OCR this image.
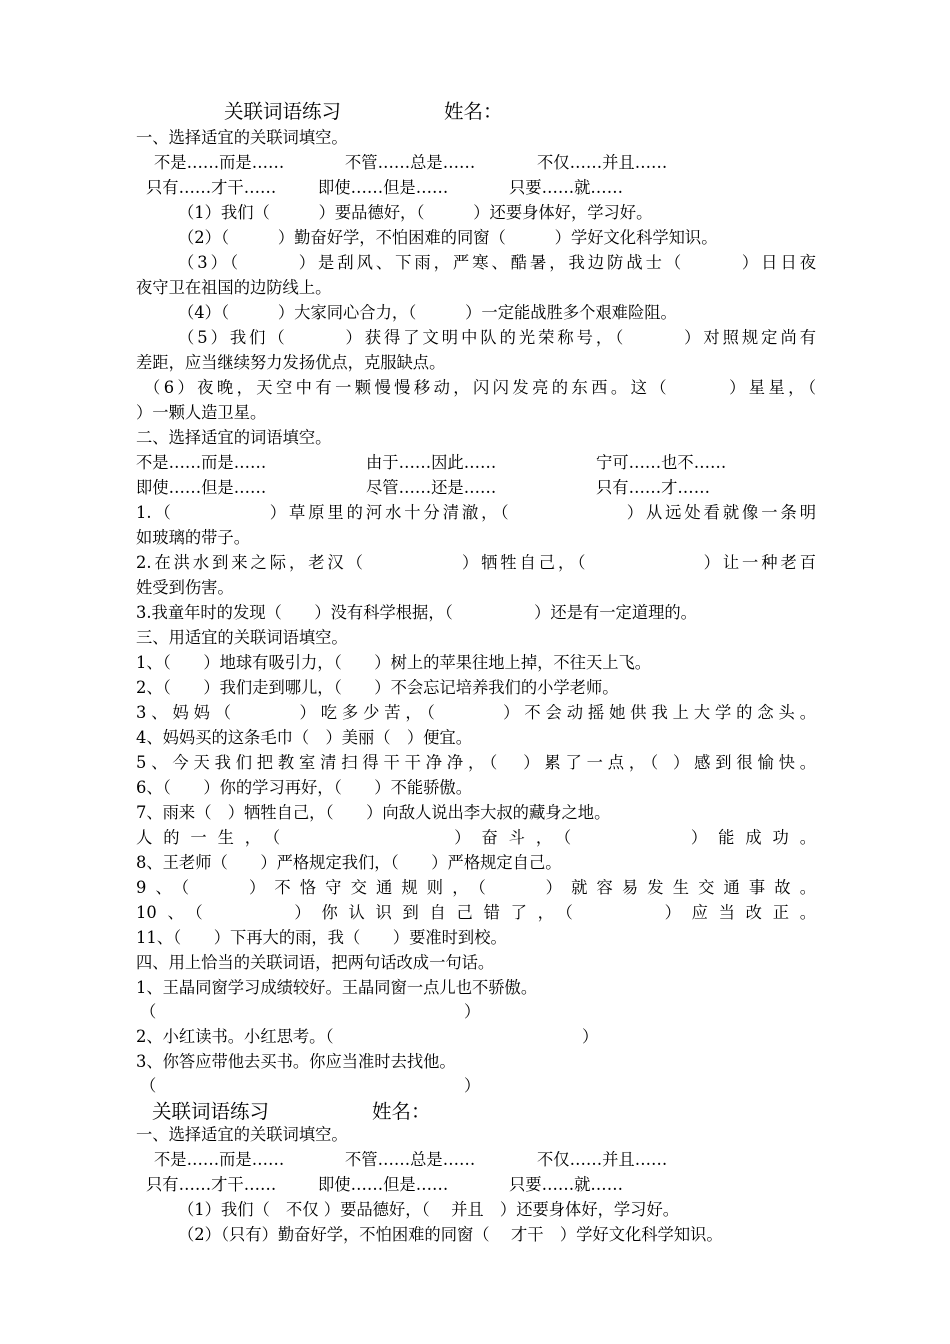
关联词语练习	姓名：
一、选择适宜的关联词填空。
不是……而是……	不管……总是……	不仅……并且……
只有……才干……	即使……但是……	只要……就……
（1）我们（　　　）要品德好，（　　　）还要身体好，学习好。
（2）（　　　）勤奋好学，不怕困难的同窗（　　　）学好文化科学知识。
（3）（　　　）是刮风、下雨，严寒、酷暑，我边防战士（　　　）日日夜
夜守卫在祖国的边防线上。
（4）（　　　）大家同心合力，（　　　）一定能战胜多个艰难险阻。
（5）我们（　　　）获得了文明中队的光荣称号，（　　　）对照规定尚有
差距，应当继续努力发扬优点，克服缺点。
（6）夜晚，天空中有一颗慢慢移动，闪闪发亮的东西。这（　　　）星星，（
）一颗人造卫星。
二、选择适宜的词语填空。
不是……而是……	由于……因此……	宁可……也不……
即使……但是……	尽管……还是……	只有……才……
1.（　　　　　）草原里的河水十分清澈，（　　　　　　）从远处看就像一条明
如玻璃的带子。
2.在洪水到来之际，老汉（　　　　　）牺牲自己，（　　　　　　）让一种老百
姓受到伤害。
3.我童年时的发现（　　）没有科学根据，（　　　　　）还是有一定道理的。
三、用适宜的关联词语填空。
1、（　　）地球有吸引力，（　　）树上的苹果往地上掉，不往天上飞。
2、（　　）我们走到哪儿，（　　）不会忘记培养我们的小学老师。
3、妈妈（　　　）吃多少苦，（　　　）不会动摇她供我上大学的念头。
4、妈妈买的这条毛巾（　）美丽（　）便宜。
5、今天我们把教室清扫得干干净净，（　）累了一点，（ ）感到很愉快。
6、（　　）你的学习再好，（　　）不能骄傲。
7、雨来（　）牺牲自己，（　　）向敌人说出李大叔的藏身之地。
人的一生，（　　　　　　）奋斗，（　　　　）能成功。
8、王老师（　　）严格规定我们，（　　）严格规定自己。
9、（　　）不恪守交通规则，（　　）就容易发生交通事故。
10、（　　　）你认识到自己错了，（　　　）应当改正。
11、（　　）下再大的雨，我（　　）要准时到校。
四、用上恰当的关联词语，把两句话改成一句话。
1、王晶同窗学习成绩较好。王晶同窗一点儿也不骄傲。
（	）
2、小红读书。小红思考。（	）
3、你答应带他去买书。你应当准时去找他。
（	）
关联词语练习	姓名：
一、选择适宜的关联词填空。
不是……而是……	不管……总是……	不仅……并且……
只有……才干……	即使……但是……	只要……就……
（1）我们（　不仅 ）要品德好，（　 并且　）还要身体好，学习好。
（2）（只有）勤奋好学，不怕困难的同窗（　 才干　）学好文化科学知识。
